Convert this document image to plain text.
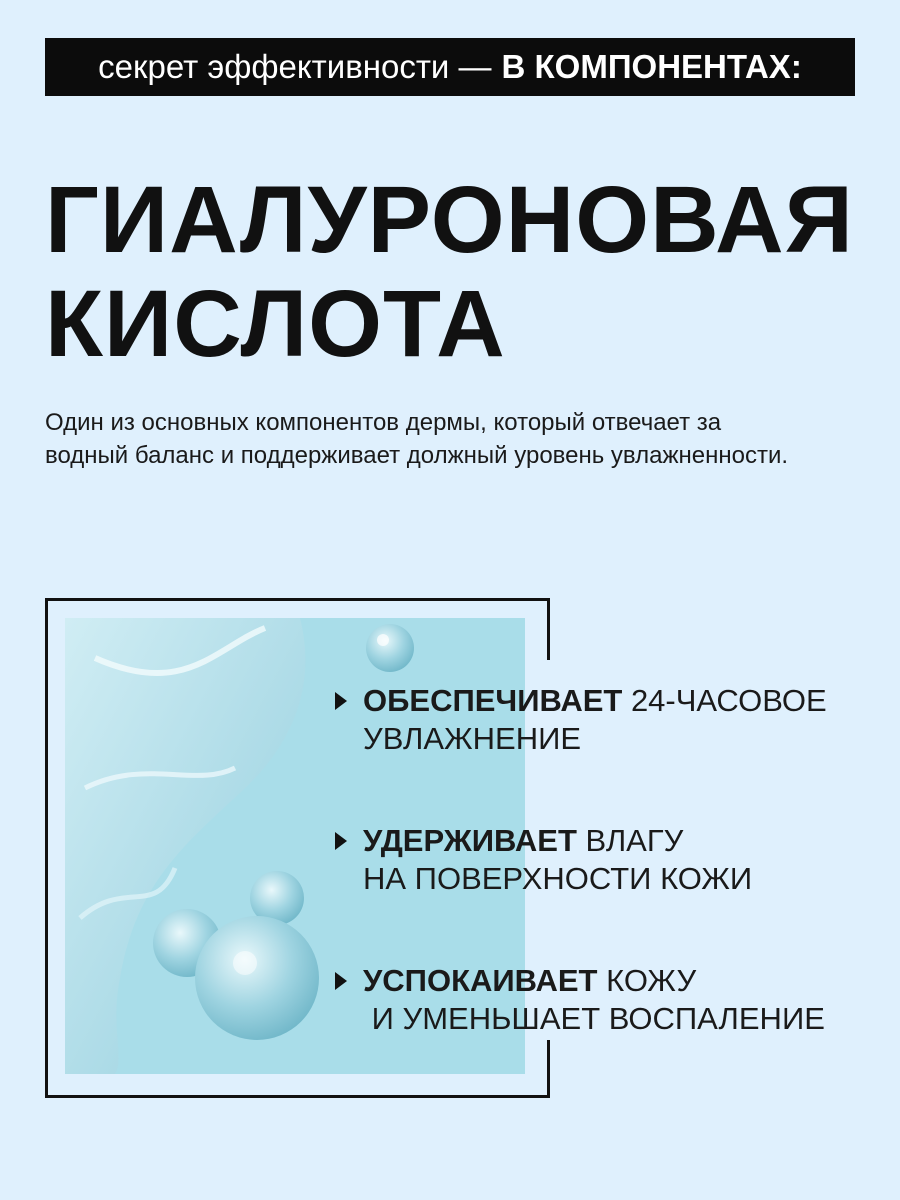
секрет эффективности — В КОМПОНЕНТАХ:
ГИАЛУРОНОВАЯ
КИСЛОТА

Один из основных компонентов дермы, который отвечает за водный баланс и поддерживает должный уровень увлажненности.

ОБЕСПЕЧИВАЕТ 24-ЧАСОВОЕ
УВЛАЖНЕНИЕ
УДЕРЖИВАЕТ ВЛАГУ
НА ПОВЕРХНОСТИ КОЖИ
УСПОКАИВАЕТ КОЖУ
И УМЕНЬШАЕТ ВОСПАЛЕНИЕ
